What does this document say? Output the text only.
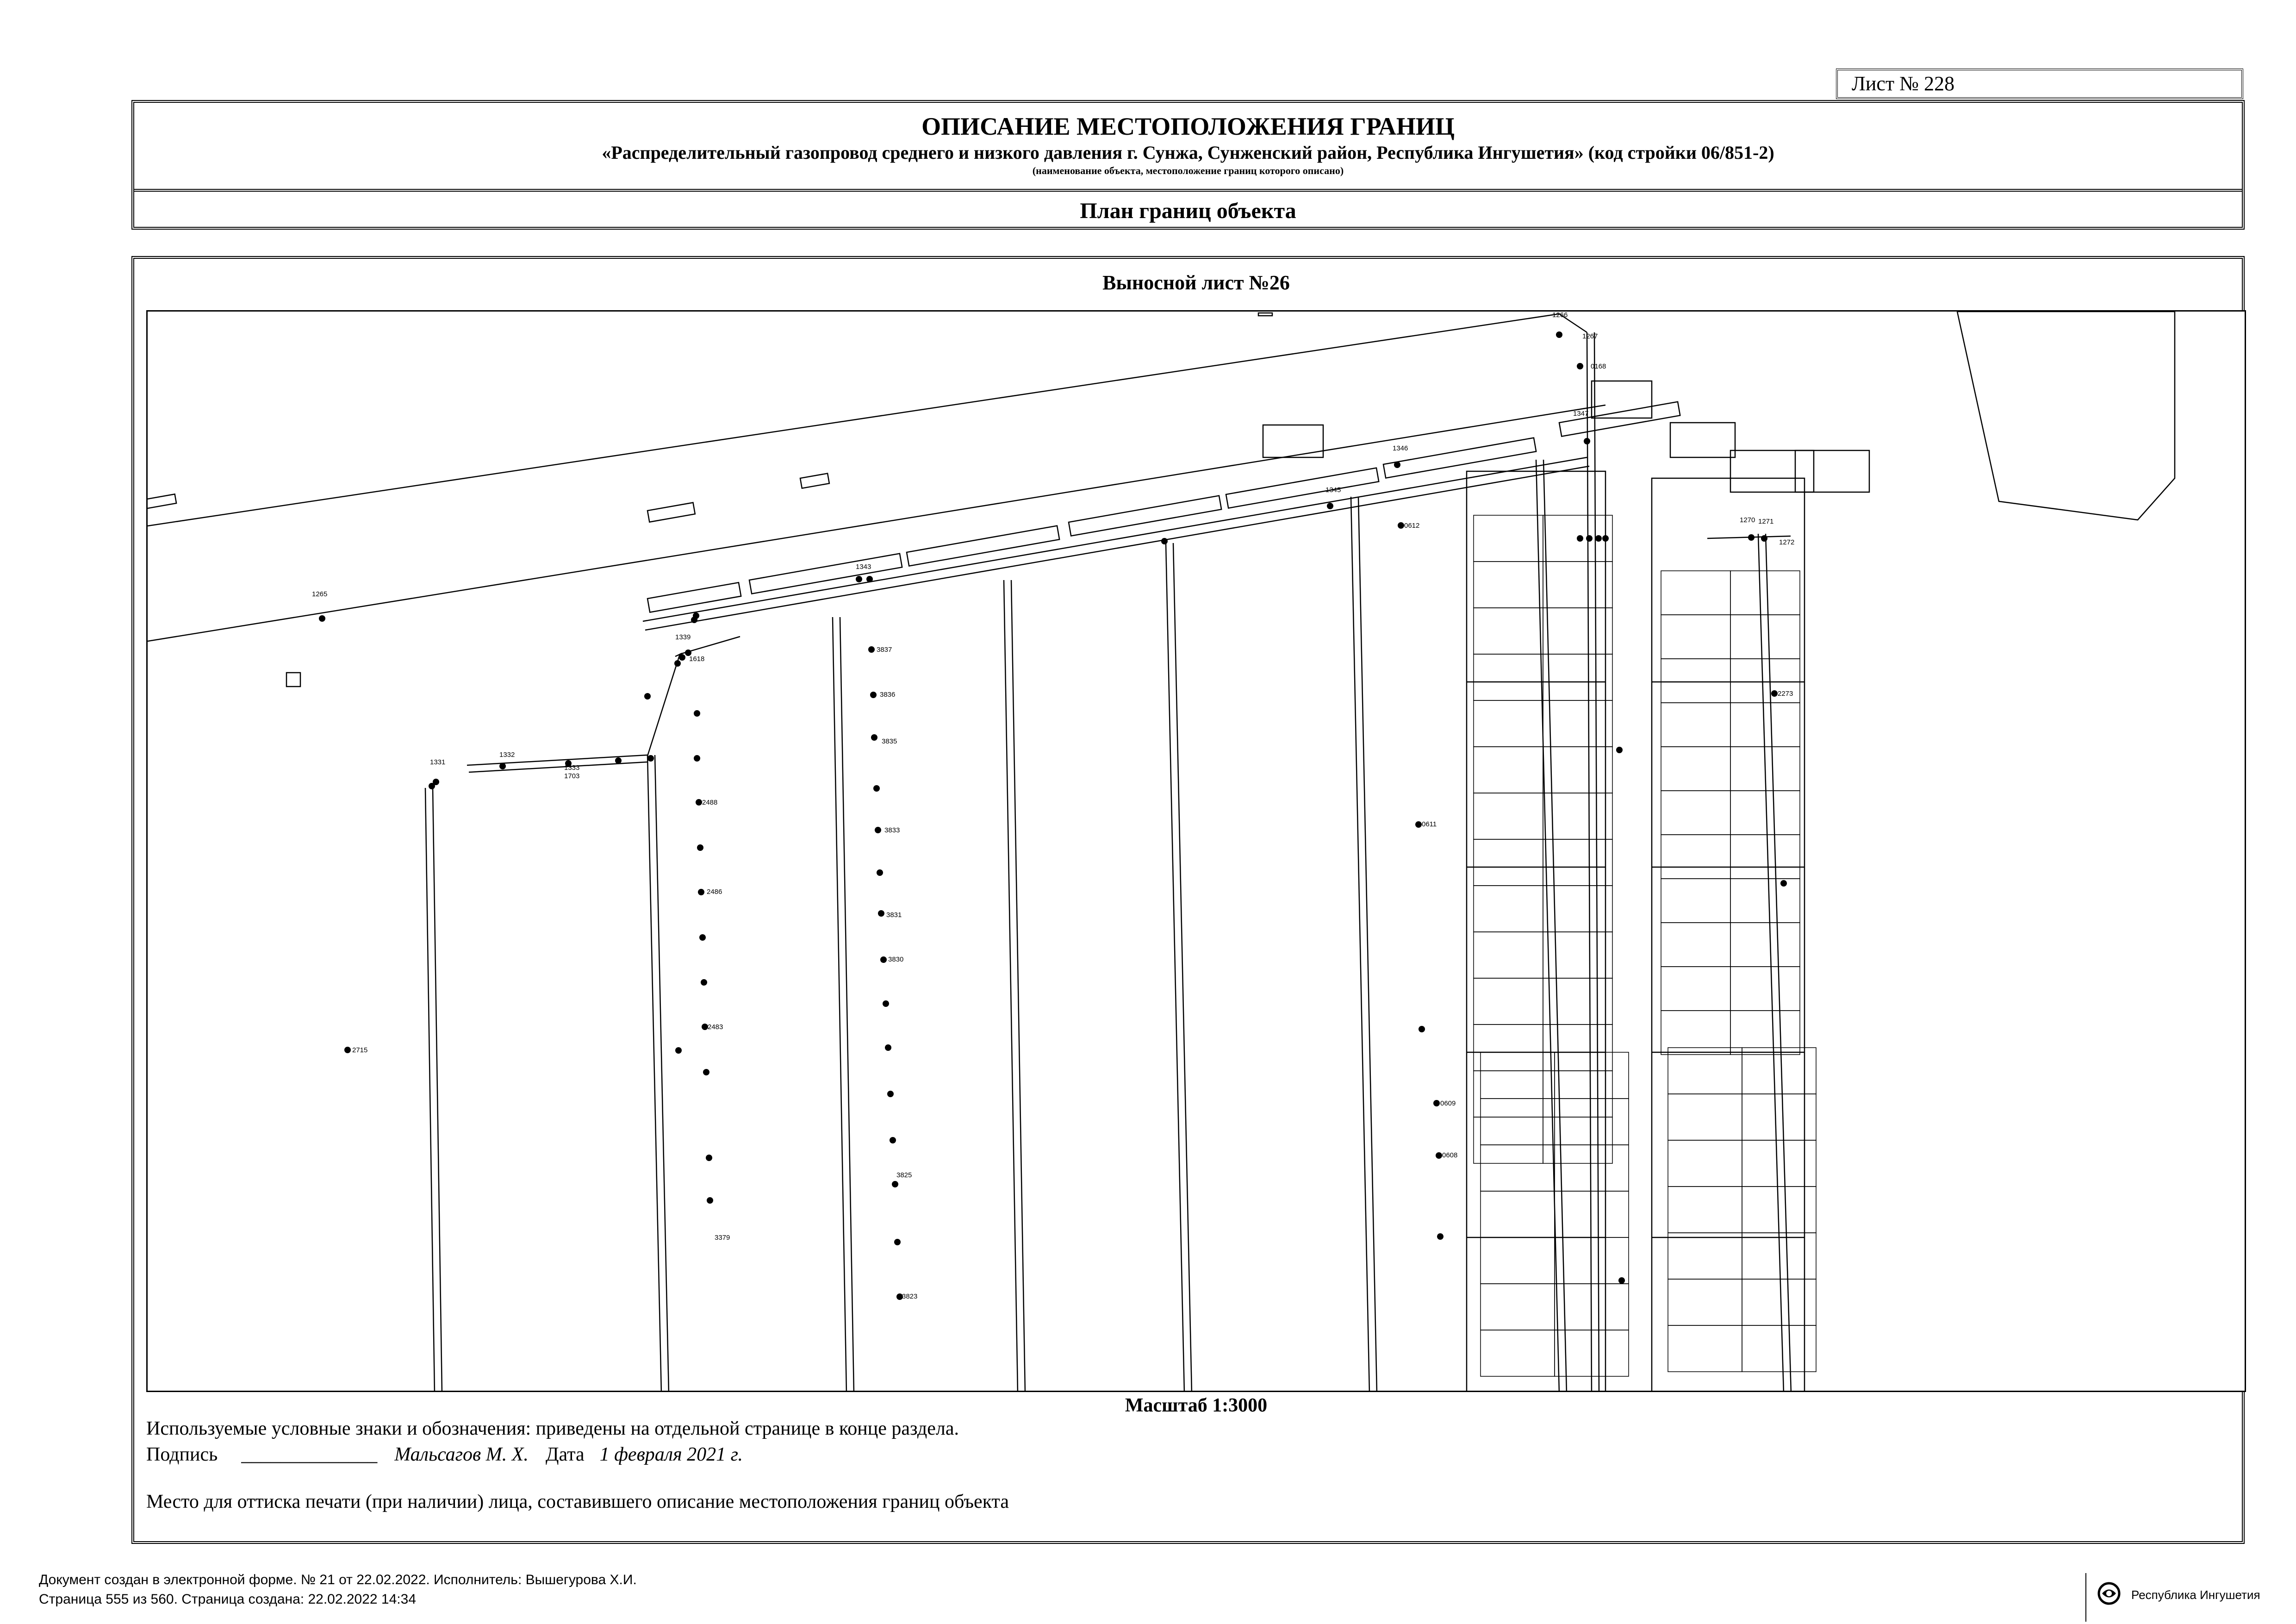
Лист № 228
ОПИСАНИЕ МЕСТОПОЛОЖЕНИЯ ГРАНИЦ
«Распределительный газопровод среднего и низкого давления г. Сунжа, Сунженский район, Республика Ингушетия» (код стройки 06/851-2)
(наименование объекта, местоположение границ которого описано)
План границ объекта
Выносной лист №26
1265
1266
1267
1332
1333
1331
1339
1343
1345
1346
1347
1270 1271
1272
1618
1703
2715
2488
2486
2483
3837
3836
3835
3833
3831
3830
3825
3823
0612
0611
0609
0608
0168
2273
3379
Масштаб 1:3000
Используемые условные знаки и обозначения: приведены на отдельной странице в конце раздела.
Подпись ______________ Мальсагов М. Х. Дата 1 февраля 2021 г.
Место для оттиска печати (при наличии) лица, составившего описание местоположения границ объекта
Документ создан в электронной форме. № 21 от 22.02.2022. Исполнитель: Вышегурова Х.И.
Страница 555 из 560. Страница создана: 22.02.2022 14:34	Республика Ингушетия
